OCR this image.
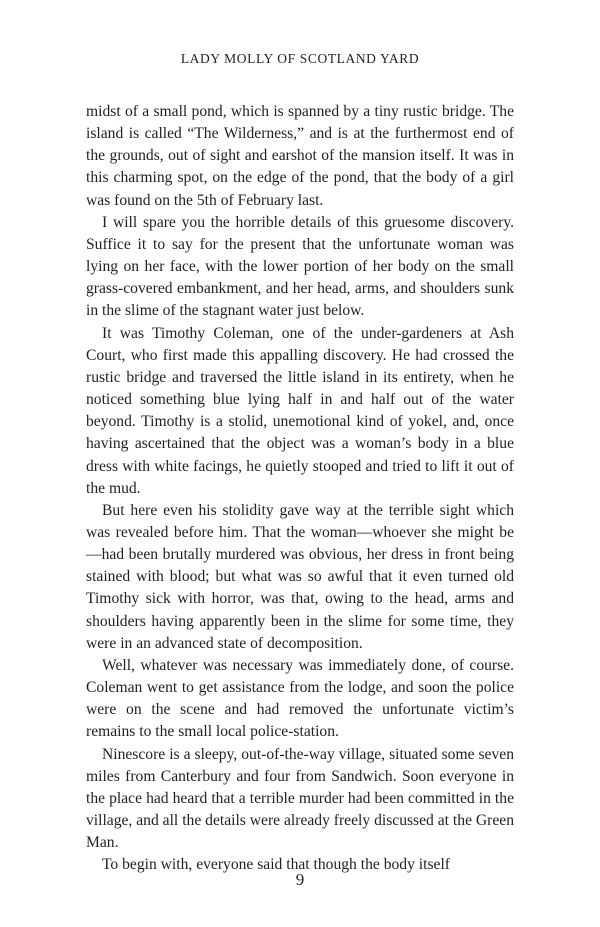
LADY MOLLY OF SCOTLAND YARD

midst of a small pond, which is spanned by a tiny rustic bridge. The island is called “The Wilderness,” and is at the furthermost end of the grounds, out of sight and earshot of the mansion itself. It was in this charming spot, on the edge of the pond, that the body of a girl was found on the 5th of February last.

I will spare you the horrible details of this gruesome discovery. Suffice it to say for the present that the unfortunate woman was lying on her face, with the lower portion of her body on the small grass-covered embankment, and her head, arms, and shoulders sunk in the slime of the stagnant water just below.

It was Timothy Coleman, one of the under-gardeners at Ash Court, who first made this appalling discovery. He had crossed the rustic bridge and traversed the little island in its entirety, when he noticed something blue lying half in and half out of the water beyond. Timothy is a stolid, unemotional kind of yokel, and, once having ascertained that the object was a woman’s body in a blue dress with white facings, he quietly stooped and tried to lift it out of the mud.

But here even his stolidity gave way at the terrible sight which was revealed before him. That the woman—whoever she might be—had been brutally murdered was obvious, her dress in front being stained with blood; but what was so awful that it even turned old Timothy sick with horror, was that, owing to the head, arms and shoulders having apparently been in the slime for some time, they were in an advanced state of decomposition.

Well, whatever was necessary was immediately done, of course. Coleman went to get assistance from the lodge, and soon the police were on the scene and had removed the unfortunate victim’s remains to the small local police-station.

Ninescore is a sleepy, out-of-the-way village, situated some seven miles from Canterbury and four from Sandwich. Soon everyone in the place had heard that a terrible murder had been committed in the village, and all the details were already freely discussed at the Green Man.

To begin with, everyone said that though the body itself

9
